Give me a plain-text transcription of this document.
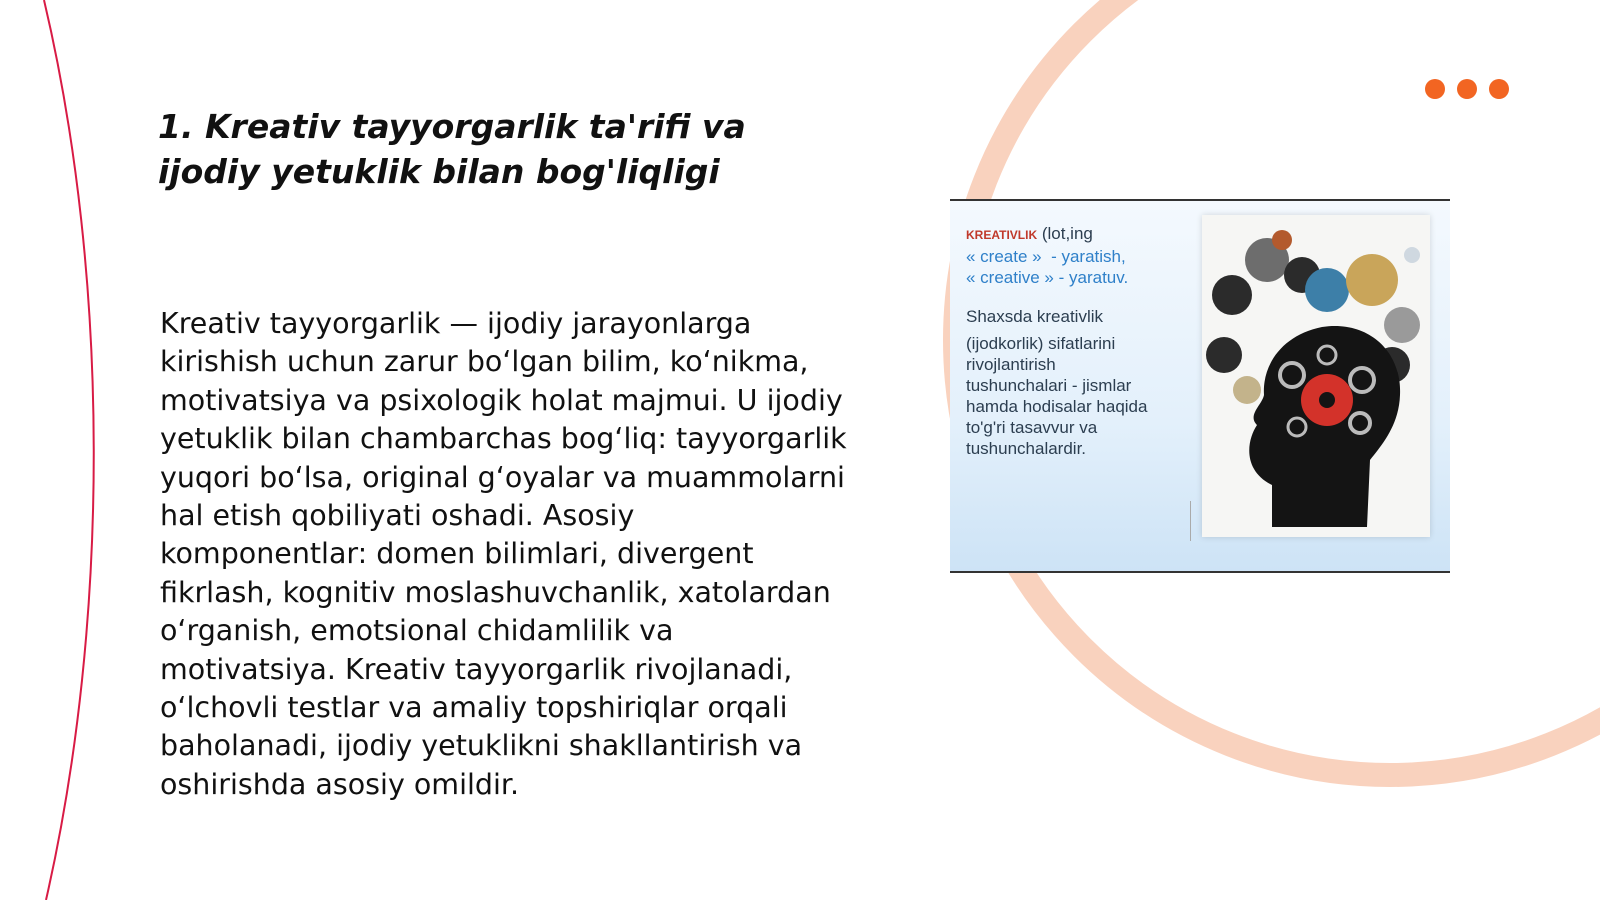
1. Kreativ tayyorgarlik ta'rifi va ijodiy yetuklik bilan bog'liqligi

Kreativ tayyorgarlik — ijodiy jarayonlarga kirishish uchun zarur bo‘lgan bilim, ko‘nikma, motivatsiya va psixologik holat majmui. U ijodiy yetuklik bilan chambarchas bog‘liq: tayyorgarlik yuqori bo‘lsa, original g‘oyalar va muammolarni hal etish qobiliyati oshadi. Asosiy komponentlar: domen bilimlari, divergent fikrlash, kognitiv moslashuvchanlik, xatolardan o‘rganish, emotsional chidamlilik va motivatsiya. Kreativ tayyorgarlik rivojlanadi, o‘lchovli testlar va amaliy topshiriqlar orqali baholanadi, ijodiy yetuklikni shakllantirish va oshirishda asosiy omildir.

KREATIVLIK (lot,ing
« create » - yaratish,
« creative » - yaratuv.
Shaxsda kreativlik
(ijodkorlik) sifatlarini
rivojlantirish
tushunchalari - jismlar
hamda hodisalar haqida
to'g'ri tasavvur va
tushunchalardir.
